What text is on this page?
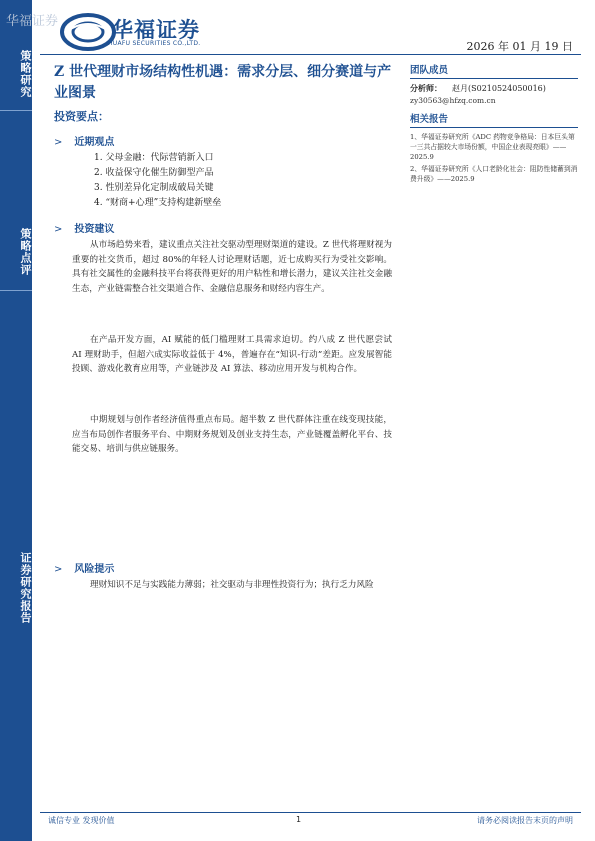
策略研究
策略点评
证券研究报告
华福证券	华福证券
HUAFU SECURITIES CO.,LTD.	2026 年 01 月 19 日
Z 世代理财市场结构性机遇：需求分层、细分赛道与产业图景
投资要点：
> 近期观点
1. 父母金融：代际营销新入口
2. 收益保守化催生防御型产品
3. 性别差异化定制成破局关键
4. “财商+心理”支持构建新壁垒
> 投资建议

从市场趋势来看，建议重点关注社交驱动型理财渠道的建设。Z 世代将理财视为重要的社交货币，超过 80%的年轻人讨论理财话题，近七成购买行为受社交影响。具有社交属性的金融科技平台将获得更好的用户粘性和增长潜力，建议关注社交金融生态，产业链需整合社交渠道合作、金融信息服务和财经内容生产。

在产品开发方面，AI 赋能的低门槛理财工具需求迫切。约八成 Z 世代愿尝试 AI 理财助手，但超六成实际收益低于 4%，普遍存在“知识-行动”差距。应发展智能投顾、游戏化教育应用等，产业链涉及 AI 算法、移动应用开发与机构合作。

中期规划与创作者经济值得重点布局。超半数 Z 世代群体注重在线变现技能，应当布局创作者服务平台、中期财务规划及创业支持生态，产业链覆盖孵化平台、技能交易、培训与供应链服务。

> 风险提示

理财知识不足与实践能力薄弱；社交驱动与非理性投资行为；执行乏力风险

团队成员
分析师： 赵月(S0210524050016)
zy30563@hfzq.com.cn
相关报告
1、华福证券研究所《ADC 药物竞争格局：日本巨头第一三共占据较大市场份额，中国企业表现亮眼》——2025.9
2、华福证券研究所《人口老龄化社会：阻防性储蓄到消费升级》——2025.9
诚信专业 发现价值	1	请务必阅读报告末页的声明
